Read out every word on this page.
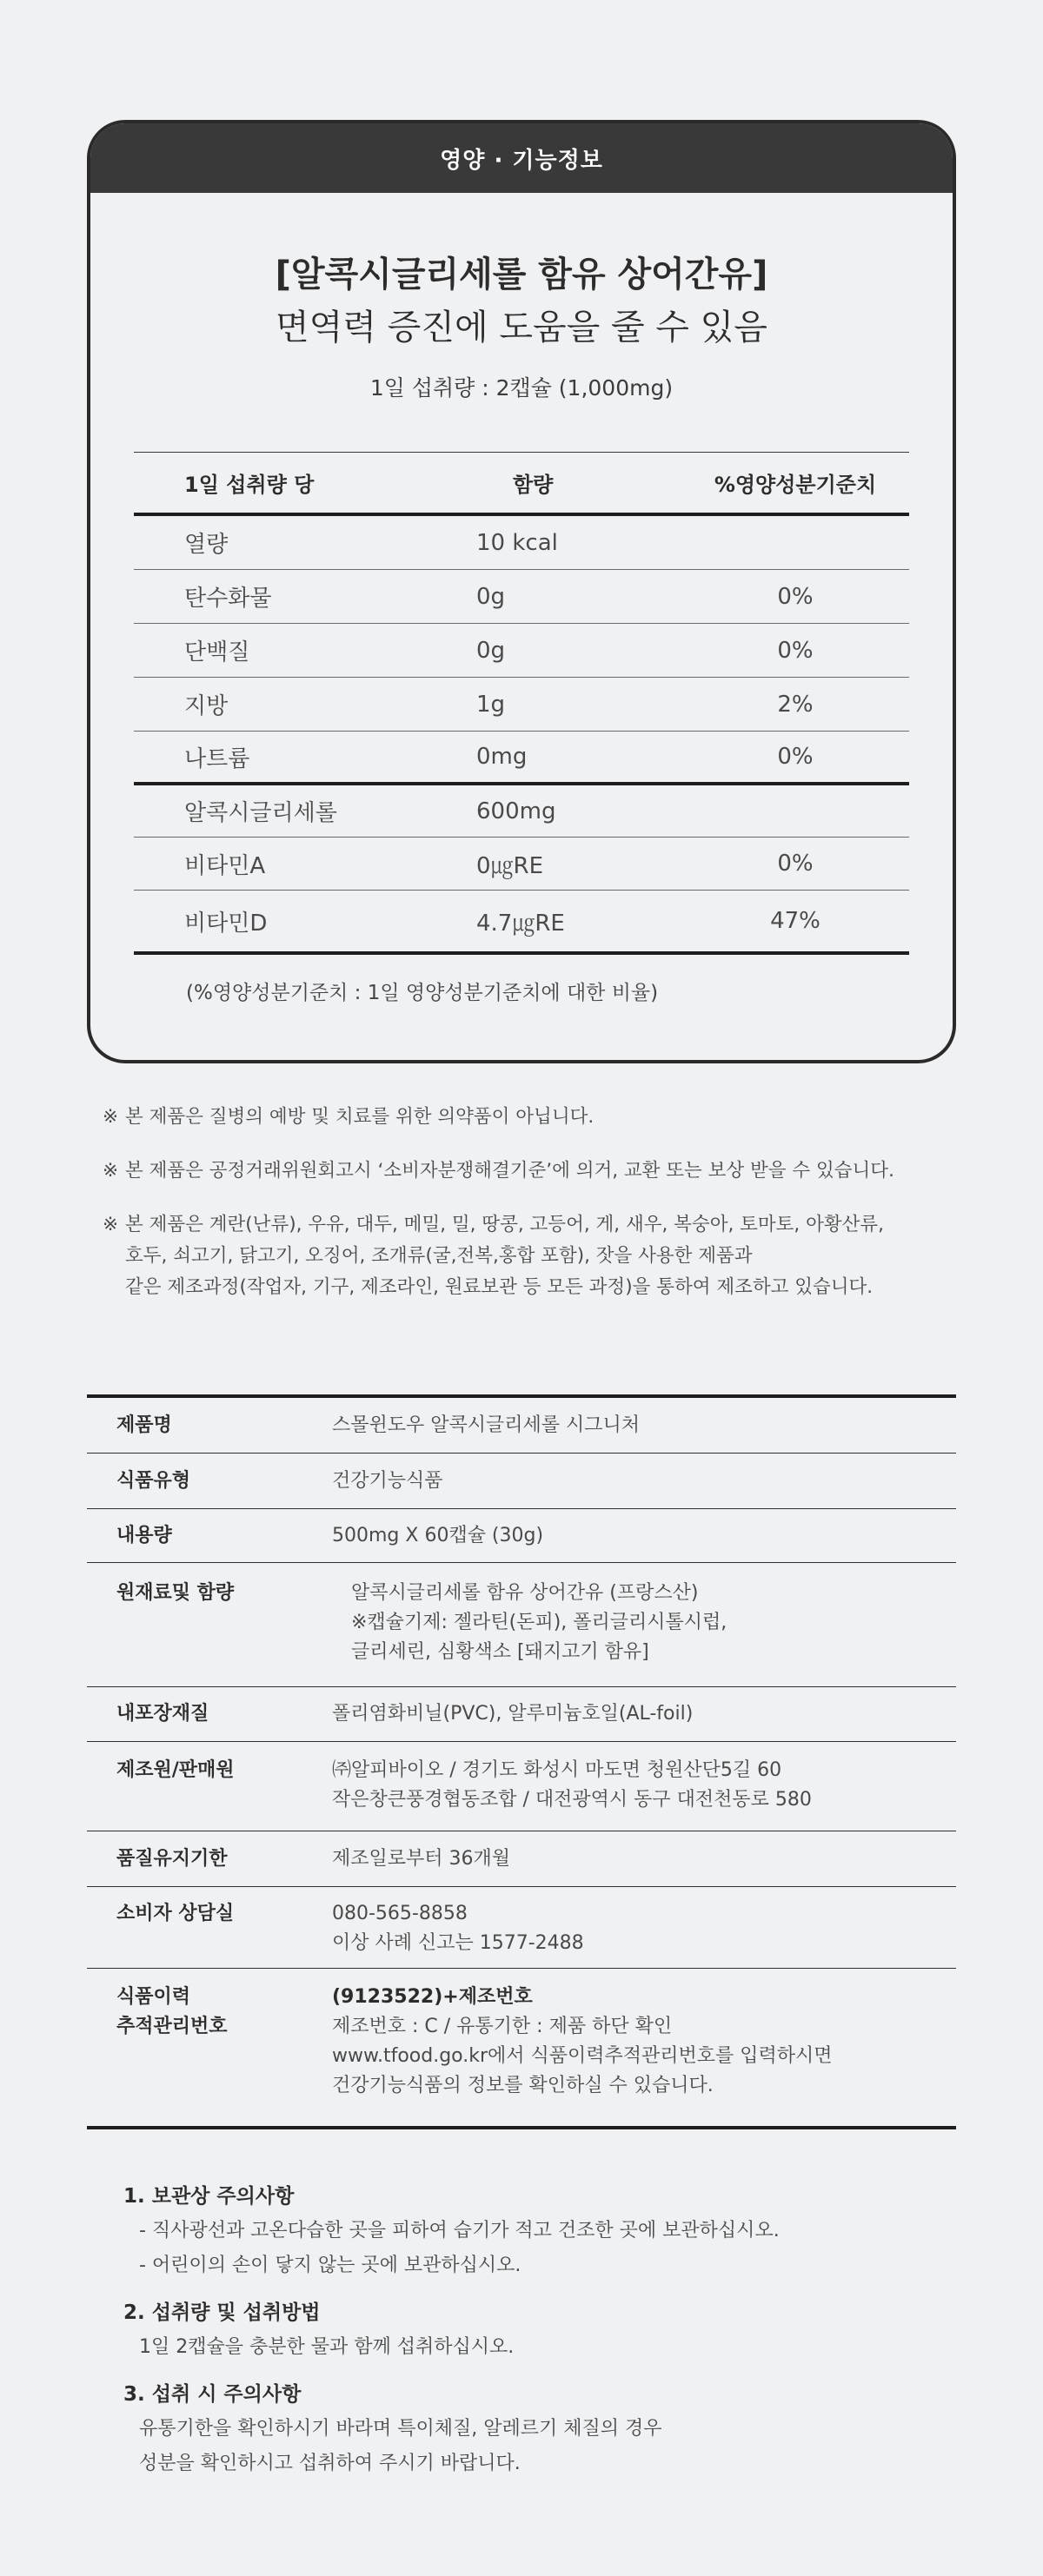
영양 · 기능정보
[알콕시글리세롤 함유 상어간유]
면역력 증진에 도움을 줄 수 있음
1일 섭취량 : 2캡슐 (1,000mg)
1일 섭취량 당	함량	%영양성분기준치
열량	10 kcal
탄수화물	0g	0%
단백질	0g	0%
지방	1g	2%
나트륨	0mg	0%
알콕시글리세롤	600mg
비타민A	0㎍RE	0%
비타민D	4.7㎍RE	47%
(%영양성분기준치 : 1일 영양성분기준치에 대한 비율)
※ 본 제품은 질병의 예방 및 치료를 위한 의약품이 아닙니다.
※ 본 제품은 공정거래위원회고시 ‘소비자분쟁해결기준’에 의거, 교환 또는 보상 받을 수 있습니다.
※ 본 제품은 계란(난류), 우유, 대두, 메밀, 밀, 땅콩, 고등어, 게, 새우, 복숭아, 토마토, 아황산류,
호두, 쇠고기, 닭고기, 오징어, 조개류(굴,전복,홍합 포함), 잣을 사용한 제품과
같은 제조과정(작업자, 기구, 제조라인, 원료보관 등 모든 과정)을 통하여 제조하고 있습니다.
제품명	스몰윈도우 알콕시글리세롤 시그니처
식품유형	건강기능식품
내용량	500mg X 60캡슐 (30g)
원재료및 함량	알콕시글리세롤 함유 상어간유 (프랑스산)
※캡슐기제: 젤라틴(돈피), 폴리글리시톨시럽,
글리세린, 심황색소 [돼지고기 함유]
내포장재질	폴리염화비닐(PVC), 알루미늄호일(AL-foil)
제조원/판매원	㈜알피바이오 / 경기도 화성시 마도면 청원산단5길 60
작은창큰풍경협동조합 / 대전광역시 동구 대전천동로 580
품질유지기한	제조일로부터 36개월
소비자 상담실	080-565-8858
이상 사례 신고는 1577-2488
식품이력
추적관리번호
(9123522)+제조번호
제조번호 : C / 유통기한 : 제품 하단 확인
www.tfood.go.kr에서 식품이력추적관리번호를 입력하시면
건강기능식품의 정보를 확인하실 수 있습니다.
1. 보관상 주의사항
- 직사광선과 고온다습한 곳을 피하여 습기가 적고 건조한 곳에 보관하십시오.
- 어린이의 손이 닿지 않는 곳에 보관하십시오.
2. 섭취량 및 섭취방법
1일 2캡슐을 충분한 물과 함께 섭취하십시오.
3. 섭취 시 주의사항
유통기한을 확인하시기 바라며 특이체질, 알레르기 체질의 경우
성분을 확인하시고 섭취하여 주시기 바랍니다.
